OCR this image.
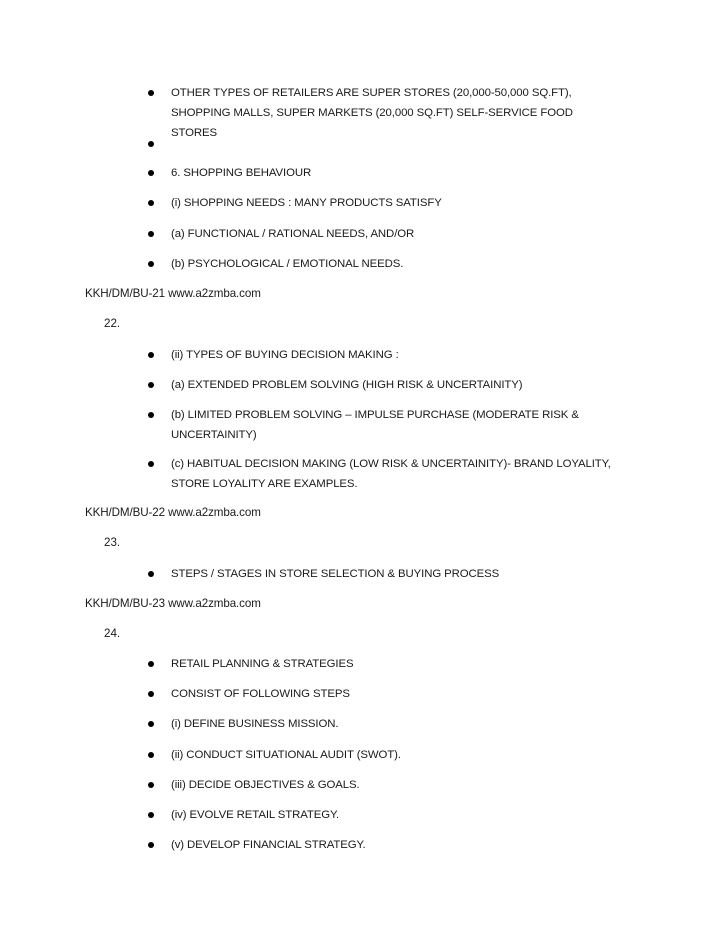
OTHER TYPES OF RETAILERS ARE SUPER STORES (20,000-50,000 SQ.FT), SHOPPING MALLS, SUPER MARKETS (20,000 SQ.FT) SELF-SERVICE FOOD STORES
6. SHOPPING BEHAVIOUR
(i) SHOPPING NEEDS : MANY PRODUCTS SATISFY
(a) FUNCTIONAL / RATIONAL NEEDS, AND/OR
(b) PSYCHOLOGICAL / EMOTIONAL NEEDS.
KKH/DM/BU-21 www.a2zmba.com
22.
(ii) TYPES OF BUYING DECISION MAKING :
(a) EXTENDED PROBLEM SOLVING (HIGH RISK & UNCERTAINITY)
(b) LIMITED PROBLEM SOLVING – IMPULSE PURCHASE (MODERATE RISK & UNCERTAINITY)
(c) HABITUAL DECISION MAKING (LOW RISK & UNCERTAINITY)- BRAND LOYALITY, STORE LOYALITY ARE EXAMPLES.
KKH/DM/BU-22 www.a2zmba.com
23.
STEPS / STAGES IN STORE SELECTION & BUYING PROCESS
KKH/DM/BU-23 www.a2zmba.com
24.
RETAIL PLANNING & STRATEGIES
CONSIST OF FOLLOWING STEPS
(i) DEFINE BUSINESS MISSION.
(ii) CONDUCT SITUATIONAL AUDIT (SWOT).
(iii) DECIDE OBJECTIVES & GOALS.
(iv) EVOLVE RETAIL STRATEGY.
(v) DEVELOP FINANCIAL STRATEGY.
